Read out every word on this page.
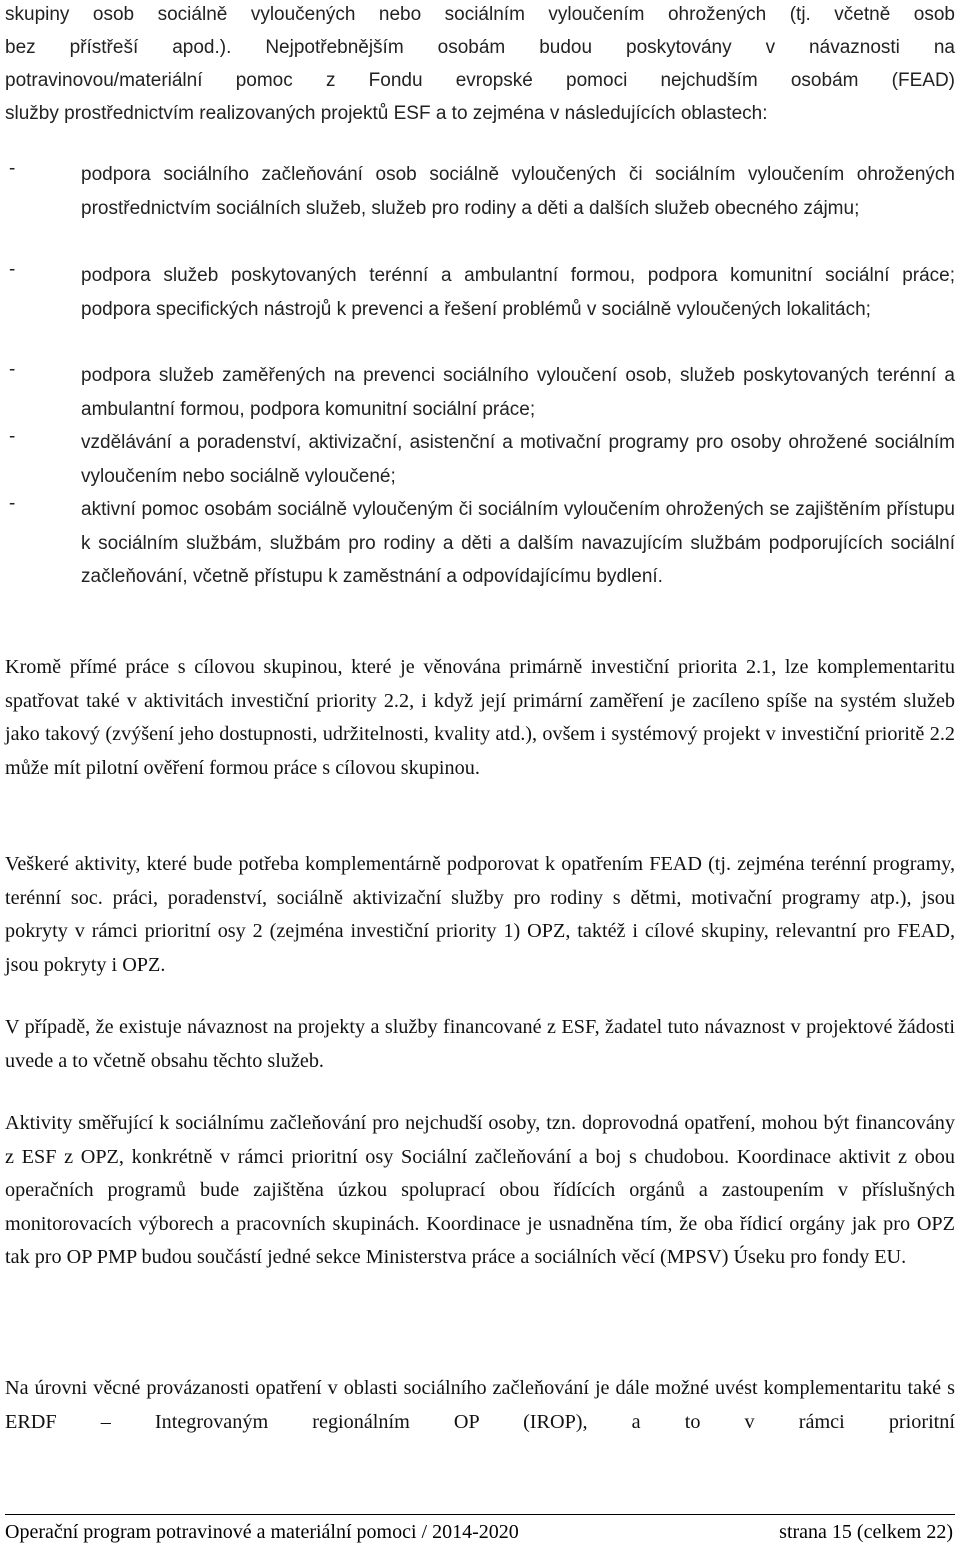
skupiny osob sociálně vyloučených nebo sociálním vyloučením ohrožených (tj. včetně osob
bez přístřeší apod.). Nejpotřebnějším osobám budou poskytovány v návaznosti na
potravinovou/materiální pomoc z Fondu evropské pomoci nejchudším osobám (FEAD)
služby prostřednictvím realizovaných projektů ESF a to zejména v následujících oblastech:
-	podpora sociálního začleňování osob sociálně vyloučených či sociálním vyloučením ohrožených prostřednictvím sociálních služeb, služeb pro rodiny a děti a dalších služeb obecného zájmu;

-	podpora služeb poskytovaných terénní a ambulantní formou, podpora komunitní sociální práce; podpora specifických nástrojů k prevenci a řešení problémů v sociálně vyloučených lokalitách;

-	podpora služeb zaměřených na prevenci sociálního vyloučení osob, služeb poskytovaných terénní a ambulantní formou, podpora komunitní sociální práce;

-	vzdělávání a poradenství, aktivizační, asistenční a motivační programy pro osoby ohrožené sociálním vyloučením nebo sociálně vyloučené;

-	aktivní pomoc osobám sociálně vyloučeným či sociálním vyloučením ohrožených se zajištěním přístupu k sociálním službám, službám pro rodiny a děti a dalším navazujícím službám podporujících sociální začleňování, včetně přístupu k zaměstnání a odpovídajícímu bydlení.

Kromě přímé práce s cílovou skupinou, které je věnována primárně investiční priorita 2.1, lze komplementaritu spatřovat také v aktivitách investiční priority 2.2, i když její primární zaměření je zacíleno spíše na systém služeb jako takový (zvýšení jeho dostupnosti, udržitelnosti, kvality atd.), ovšem i systémový projekt v investiční prioritě 2.2 může mít pilotní ověření formou práce s cílovou skupinou.

Veškeré aktivity, které bude potřeba komplementárně podporovat k opatřením FEAD (tj. zejména terénní programy, terénní soc. práci, poradenství, sociálně aktivizační služby pro rodiny s dětmi, motivační programy atp.), jsou pokryty v rámci prioritní osy 2 (zejména investiční priority 1) OPZ, taktéž i cílové skupiny, relevantní pro FEAD, jsou pokryty i OPZ.

V případě, že existuje návaznost na projekty a služby financované z ESF, žadatel tuto návaznost v projektové žádosti uvede a to včetně obsahu těchto služeb.

Aktivity směřující k sociálnímu začleňování pro nejchudší osoby, tzn. doprovodná opatření, mohou být financovány z ESF z OPZ, konkrétně v rámci prioritní osy Sociální začleňování a boj s chudobou. Koordinace aktivit z obou operačních programů bude zajištěna úzkou spoluprací obou řídících orgánů a zastoupením v příslušných monitorovacích výborech a pracovních skupinách. Koordinace je usnadněna tím, že oba řídicí orgány jak pro OPZ tak pro OP PMP budou součástí jedné sekce Ministerstva práce a sociálních věcí (MPSV) Úseku pro fondy EU.

Na úrovni věcné provázanosti opatření v oblasti sociálního začleňování je dále možné uvést komplementaritu také s ERDF – Integrovaným regionálním OP (IROP), a to v rámci prioritní

Operační program potravinové a materiální pomoci / 2014-2020	strana 15 (celkem 22)
